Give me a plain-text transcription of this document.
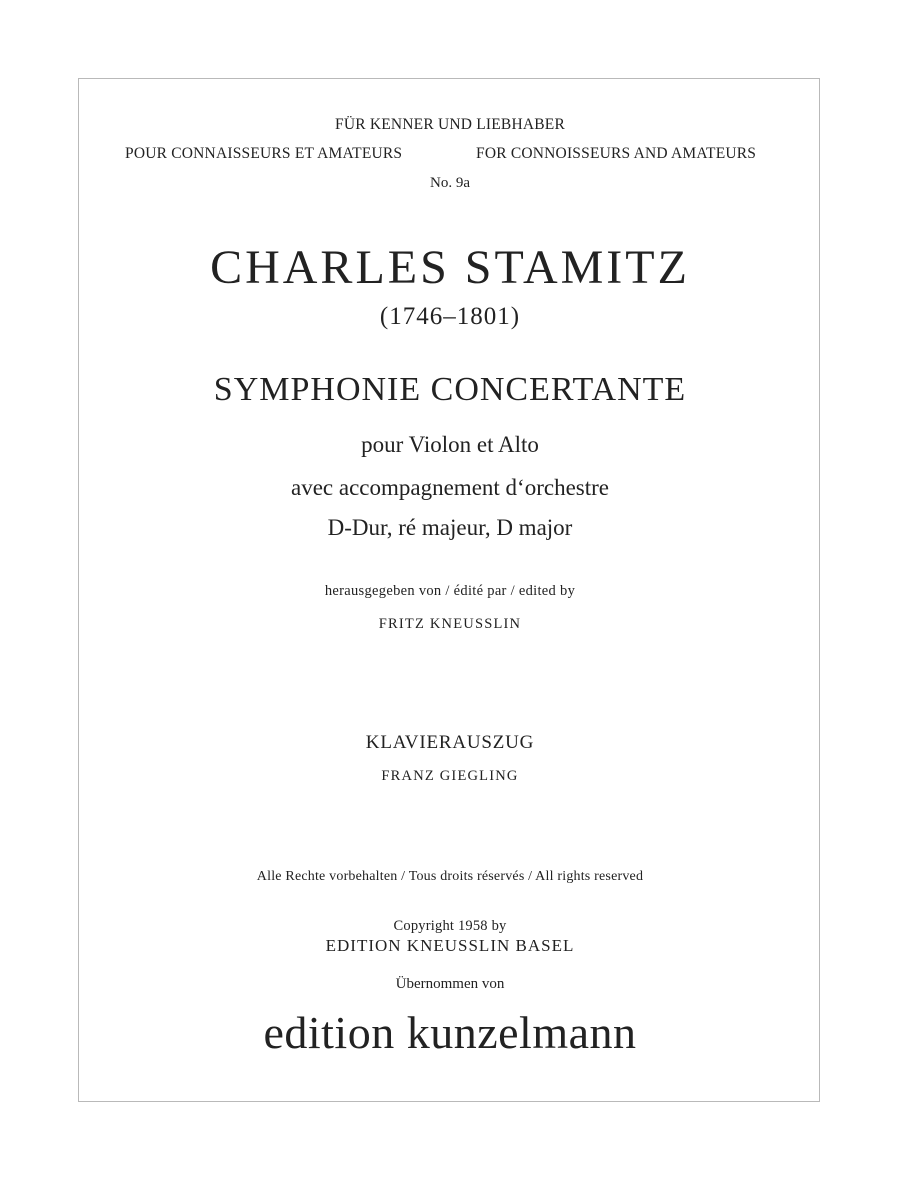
FÜR KENNER UND LIEBHABER
POUR CONNAISSEURS ET AMATEURS	FOR CONNOISSEURS AND AMATEURS
No. 9a
CHARLES STAMITZ
(1746–1801)
SYMPHONIE CONCERTANTE
pour Violon et Alto
avec accompagnement d‘orchestre
D-Dur, ré majeur, D major
herausgegeben von / édité par / edited by
FRITZ KNEUSSLIN
KLAVIERAUSZUG
FRANZ GIEGLING
Alle Rechte vorbehalten / Tous droits réservés / All rights reserved
Copyright 1958 by
EDITION KNEUSSLIN BASEL
Übernommen von
edition kunzelmann
